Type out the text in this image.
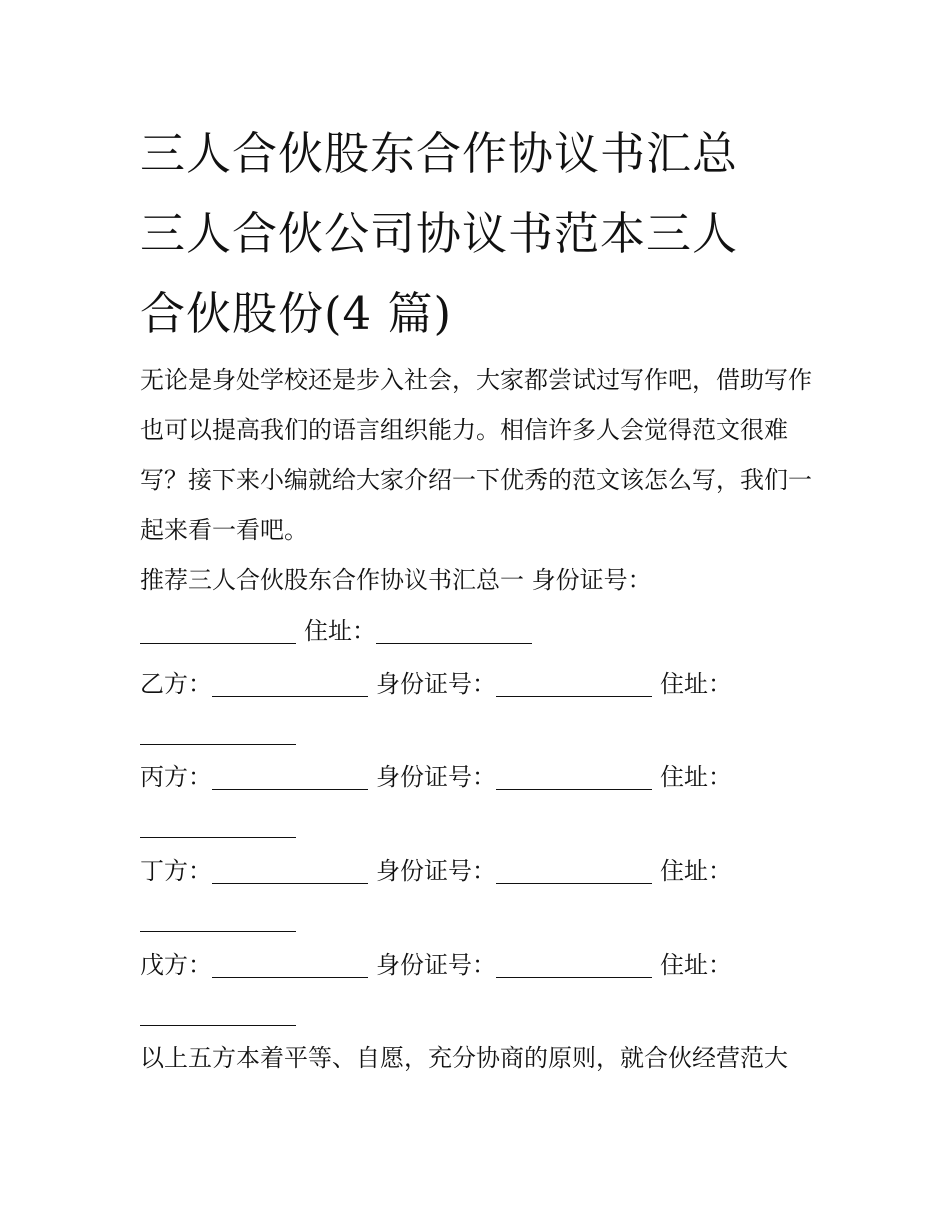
三人合伙股东合作协议书汇总
三人合伙公司协议书范本三人
合伙股份(4 篇)

无论是身处学校还是步入社会，大家都尝试过写作吧，借助写作也可以提高我们的语言组织能力。相信许多人会觉得范文很难写？接下来小编就给大家介绍一下优秀的范文该怎么写，我们一起来看一看吧。

推荐三人合伙股东合作协议书汇总一 身份证号：
住址：
乙方：	身份证号：	住址：
丙方：	身份证号：	住址：
丁方：	身份证号：	住址：
戊方：	身份证号：	住址：
以上五方本着平等、自愿，充分协商的原则，就合伙经营范大
